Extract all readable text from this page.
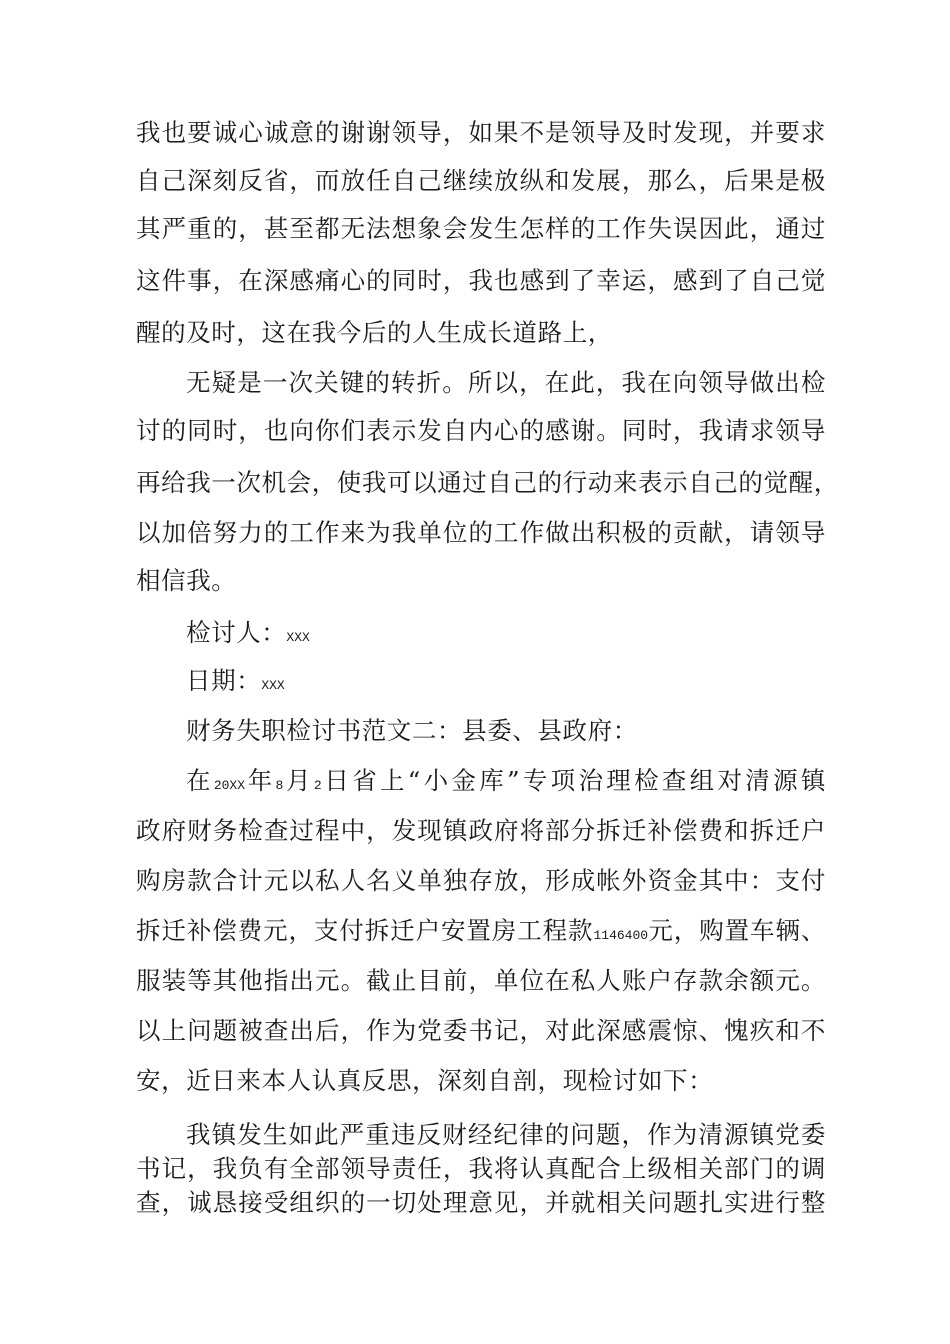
我也要诚心诚意的谢谢领导，如果不是领导及时发现，并要求
自己深刻反省，而放任自己继续放纵和发展，那么，后果是极
其严重的，甚至都无法想象会发生怎样的工作失误因此，通过
这件事，在深感痛心的同时，我也感到了幸运，感到了自己觉
醒的及时，这在我今后的人生成长道路上，
无疑是一次关键的转折。所以，在此，我在向领导做出检
讨的同时，也向你们表示发自内心的感谢。同时，我请求领导
再给我一次机会，使我可以通过自己的行动来表示自己的觉醒，
以加倍努力的工作来为我单位的工作做出积极的贡献，请领导
相信我。
检讨人：XXX
日期：XXX
财务失职检讨书范文二：县委、县政府：
在20XX年8月2日省上“小金库”专项治理检查组对清源镇
政府财务检查过程中，发现镇政府将部分拆迁补偿费和拆迁户
购房款合计元以私人名义单独存放，形成帐外资金其中：支付
拆迁补偿费元，支付拆迁户安置房工程款1146400元，购置车辆、
服装等其他指出元。截止目前，单位在私人账户存款余额元。
以上问题被查出后，作为党委书记，对此深感震惊、愧疚和不
安，近日来本人认真反思，深刻自剖，现检讨如下：
我镇发生如此严重违反财经纪律的问题，作为清源镇党委
书记，我负有全部领导责任，我将认真配合上级相关部门的调
查，诚恳接受组织的一切处理意见，并就相关问题扎实进行整
